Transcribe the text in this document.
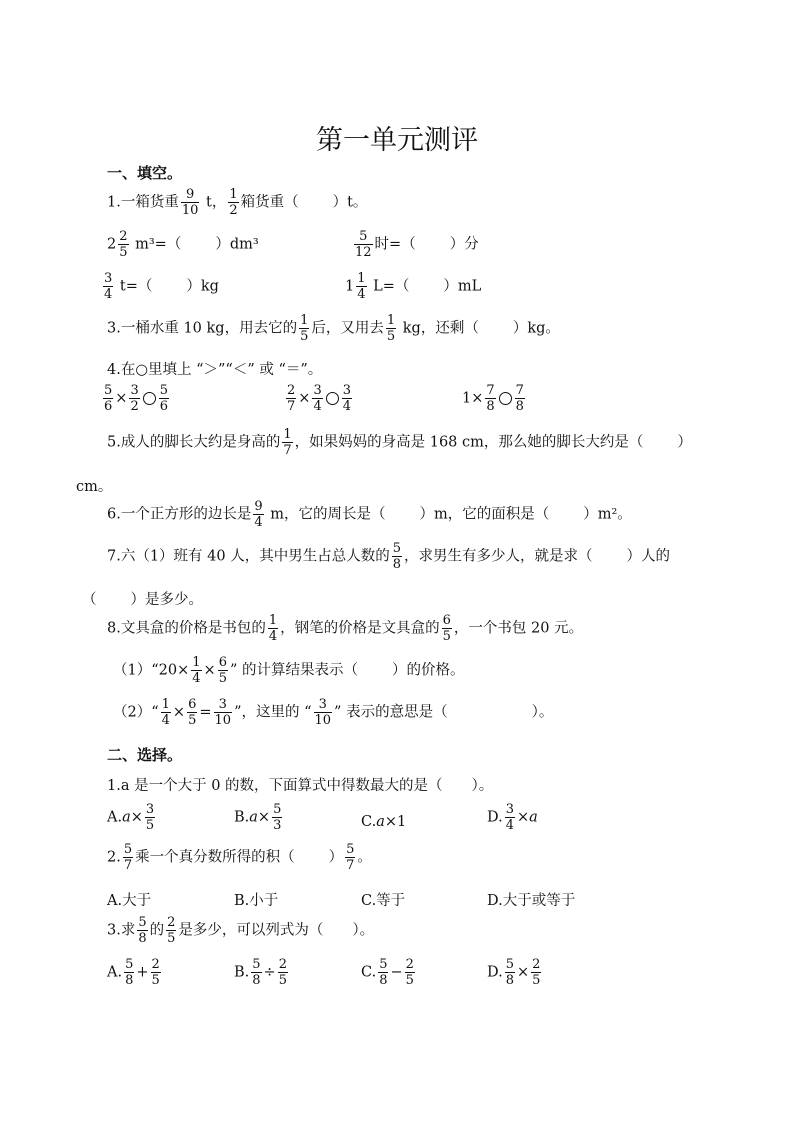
第一单元测评
一、填空。
1.一箱货重 $\frac{9}{10}$ t， $\frac{1}{2}$ 箱货重（ ）t。
$2 \frac{2}{5} m^3=$（ ）dm³	$\frac{5}{12}$ 时=（ ）分
$\frac{3}{4} t=$（ ）kg	$1 \frac{1}{4} L=$（ ）mL
3.一桶水重 10 kg，用去它的 $\frac{1}{5}$ 后，又用去 $\frac{1}{5}$ kg，还剩（ ）kg。
4.在○里填上 “＞”“＜” 或 “＝”。
$\frac{5}{6} \times \frac{3}{2} \frac{5}{6}$	$\frac{2}{7} \times \frac{3}{4} \frac{3}{4}$	$1\times \frac{7}{8} \frac{7}{8}$
5.成人的脚长大约是身高的 $\frac{1}{7}$ ，如果妈妈的身高是 168 cm，那么她的脚长大约是（ ）
cm。
6.一个正方形的边长是 $\frac{9}{4}$ m，它的周长是（ ）m，它的面积是（ ）m²。
7.六（1）班有 40 人，其中男生占总人数的 $\frac{5}{8}$ ，求男生有多少人，就是求（ ）人的
（ ）是多少。
8.文具盒的价格是书包的 $\frac{1}{4}$ ，钢笔的价格是文具盒的 $\frac{6}{5}$ ，一个书包 20 元。
（1）“20× $\frac{1}{4} \times \frac{6}{5}$ ” 的计算结果表示（ ）的价格。
（2）“ $\frac{1}{4} \times \frac{6}{5} = \frac{3}{10}$ ”，这里的 “ $\frac{3}{10}$ ” 表示的意思是（	）。
二、选择。
1.a 是一个大于 0 的数，下面算式中得数最大的是（　　）。
$A.a\times \frac{3}{5}$	$B.a\times \frac{5}{3}$	C.a×1	D. $\frac{3}{4} \times a$
2. $\frac{5}{7}$ 乘一个真分数所得的积（ ） $\frac{5}{7}$ 。
A.大于	B.小于	C.等于	D.大于或等于
3.求 $\frac{5}{8}$ 的 $\frac{2}{5}$ 是多少，可以列式为（　　）。
A. $\frac{5}{8} + \frac{2}{5}$	B. $\frac{5}{8} \div \frac{2}{5}$	C. $\frac{5}{8} - \frac{2}{5}$	D. $\frac{5}{8} \times \frac{2}{5}$
